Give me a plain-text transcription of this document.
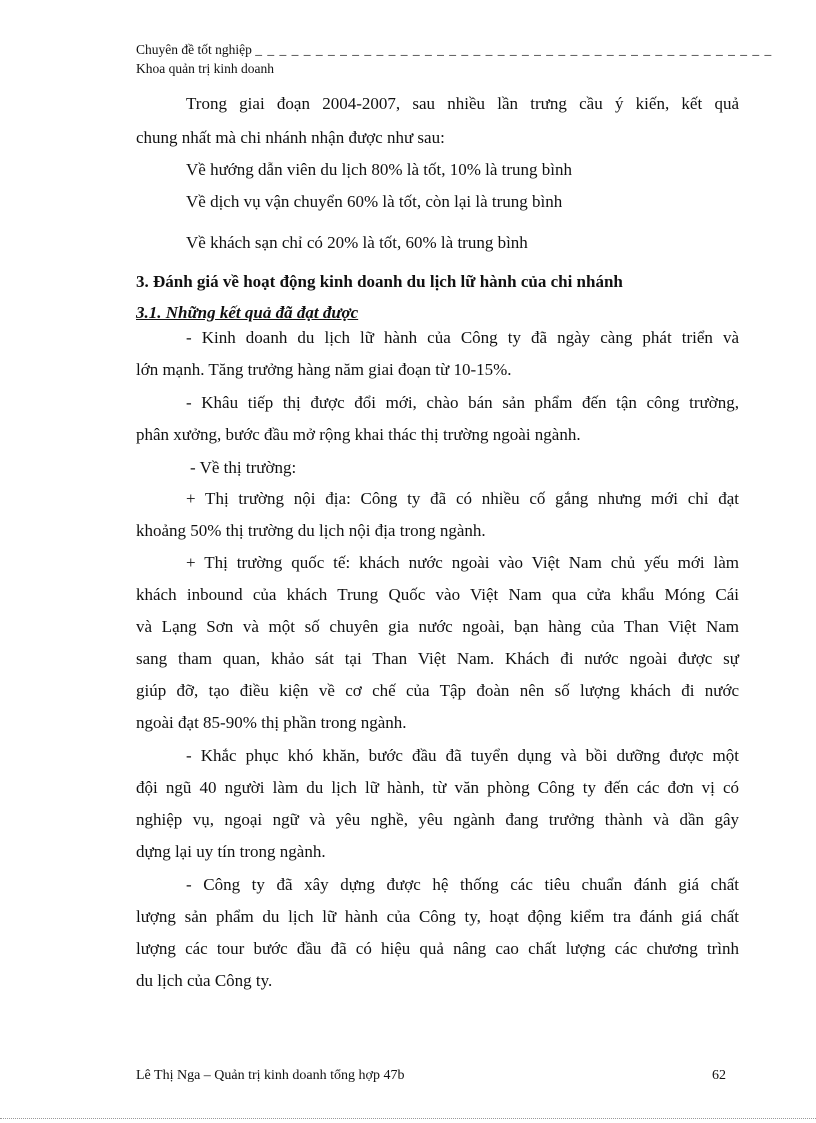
Chuyên đề tốt nghiệp _ _ _ _ _ _ _ _ _ _ _ _ _ _ _ _ _ _ _ _ _ _ _ _ _ _ _ _ _ _ _ _ _ _ _ _ _ _ _ _ _ _ _
Khoa quản trị kinh doanh
Trong giai đoạn 2004-2007, sau nhiều lần trưng cầu ý kiến, kết quả
chung nhất mà chi nhánh nhận được như sau:
Về hướng dẫn viên du lịch 80% là tốt, 10% là trung bình
Về dịch vụ vận chuyển 60% là tốt, còn lại là trung bình
Về khách sạn chỉ có 20% là tốt, 60% là trung bình
3. Đánh giá về hoạt động kinh doanh du lịch lữ hành của chi nhánh
3.1. Những kết quả đã đạt được
- Kinh doanh du lịch lữ hành của Công ty đã ngày càng phát triển và
lớn mạnh. Tăng trưởng hàng năm giai đoạn từ 10-15%.
- Khâu tiếp thị được đổi mới, chào bán sản phẩm đến tận công trường,
phân xưởng, bước đầu mở rộng khai thác thị trường ngoài ngành.
- Về thị trường:
+ Thị trường nội địa: Công ty đã có nhiều cố gắng nhưng mới chỉ đạt
khoảng 50% thị trường du lịch nội địa trong ngành.
+ Thị trường quốc tế: khách nước ngoài vào Việt Nam chủ yếu mới làm
khách inbound của khách Trung Quốc vào Việt Nam qua cửa khẩu Móng Cái
và Lạng Sơn và một số chuyên gia nước ngoài, bạn hàng của Than Việt Nam
sang tham quan, khảo sát tại Than Việt Nam. Khách đi nước ngoài được sự
giúp đỡ, tạo điều kiện về cơ chế của Tập đoàn nên số lượng khách đi nước
ngoài đạt 85-90% thị phần trong ngành.
- Khắc phục khó khăn, bước đầu đã tuyển dụng và bồi dưỡng được một
đội ngũ 40 người làm du lịch lữ hành, từ văn phòng Công ty đến các đơn vị có
nghiệp vụ, ngoại ngữ và yêu nghề, yêu ngành đang trưởng thành và dần gây
dựng lại uy tín trong ngành.
- Công ty đã xây dựng được hệ thống các tiêu chuẩn đánh giá chất
lượng sản phẩm du lịch lữ hành của Công ty, hoạt động kiểm tra đánh giá chất
lượng các tour bước đầu đã có hiệu quả nâng cao chất lượng các chương trình
du lịch của Công ty.
Lê Thị Nga – Quản trị kinh doanh tổng hợp 47b	62
